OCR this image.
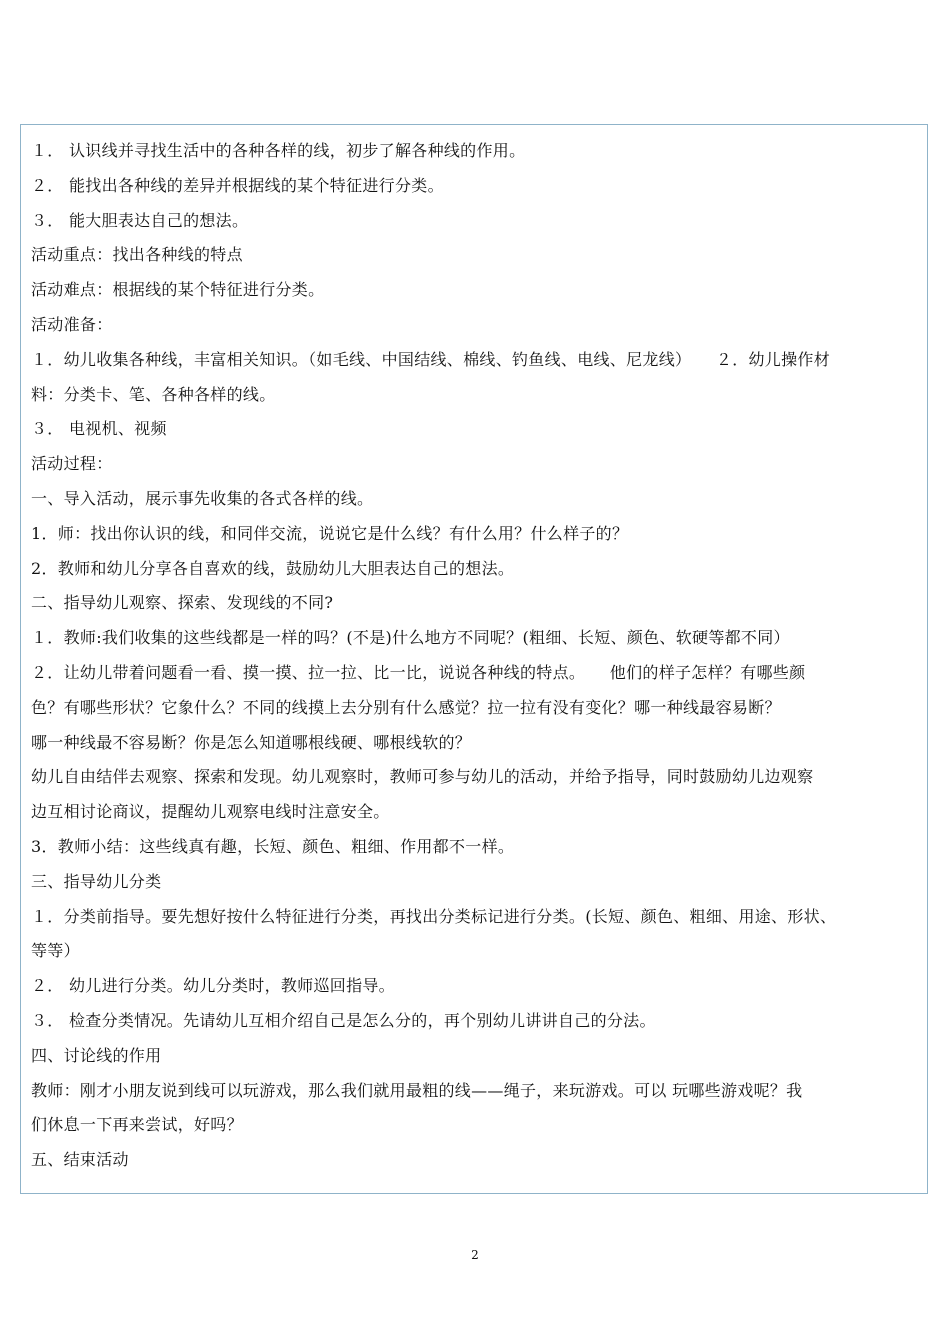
１． 认识线并寻找生活中的各种各样的线，初步了解各种线的作用。
２． 能找出各种线的差异并根据线的某个特征进行分类。
３． 能大胆表达自己的想法。
活动重点：找出各种线的特点
活动难点：根据线的某个特征进行分类。
活动准备：
１．幼儿收集各种线，丰富相关知识。（如毛线、中国结线、棉线、钓鱼线、电线、尼龙线）　　２．幼儿操作材
料：分类卡、笔、各种各样的线。
３． 电视机、视频
活动过程：
一、导入活动，展示事先收集的各式各样的线。
1．师：找出你认识的线，和同伴交流，说说它是什么线？有什么用？什么样子的？
2．教师和幼儿分享各自喜欢的线，鼓励幼儿大胆表达自己的想法。
二、指导幼儿观察、探索、发现线的不同?
１．教师:我们收集的这些线都是一样的吗？(不是)什么地方不同呢？(粗细、长短、颜色、软硬等都不同）
２．让幼儿带着问题看一看、摸一摸、拉一拉、比一比，说说各种线的特点。　　他们的样子怎样？有哪些颜
色？有哪些形状？它象什么？不同的线摸上去分别有什么感觉？拉一拉有没有变化？哪一种线最容易断？
哪一种线最不容易断？你是怎么知道哪根线硬、哪根线软的？
幼儿自由结伴去观察、探索和发现。幼儿观察时，教师可参与幼儿的活动，并给予指导，同时鼓励幼儿边观察
边互相讨论商议，提醒幼儿观察电线时注意安全。
3．教师小结：这些线真有趣，长短、颜色、粗细、作用都不一样。
三、指导幼儿分类
１．分类前指导。要先想好按什么特征进行分类，再找出分类标记进行分类。(长短、颜色、粗细、用途、形状、
等等）
２． 幼儿进行分类。幼儿分类时，教师巡回指导。
３． 检查分类情况。先请幼儿互相介绍自己是怎么分的，再个别幼儿讲讲自己的分法。
四、讨论线的作用
教师：刚才小朋友说到线可以玩游戏，那么我们就用最粗的线——绳子，来玩游戏。可以 玩哪些游戏呢？我
们休息一下再来尝试，好吗？
五、结束活动
2
